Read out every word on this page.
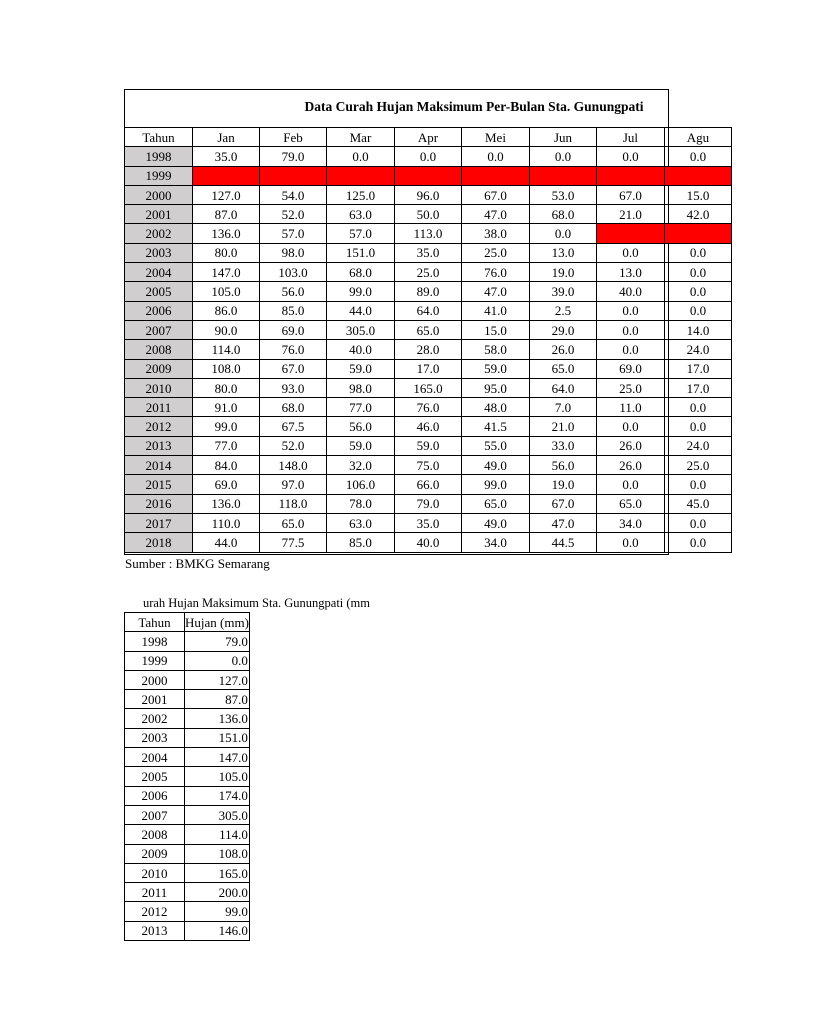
Data Curah Hujan Maksimum Per-Bulan Sta. Gunungpati
Tahun	Jan	Feb	Mar	Apr	Mei	Jun	Jul	Agu
1998	35.0	79.0	0.0	0.0	0.0	0.0	0.0	0.0
1999	-	-	-	-	-	-	-	-
2000	127.0	54.0	125.0	96.0	67.0	53.0	67.0	15.0
2001	87.0	52.0	63.0	50.0	47.0	68.0	21.0	42.0
2002	136.0	57.0	57.0	113.0	38.0	0.0	-	-
2003	80.0	98.0	151.0	35.0	25.0	13.0	0.0	0.0
2004	147.0	103.0	68.0	25.0	76.0	19.0	13.0	0.0
2005	105.0	56.0	99.0	89.0	47.0	39.0	40.0	0.0
2006	86.0	85.0	44.0	64.0	41.0	2.5	0.0	0.0
2007	90.0	69.0	305.0	65.0	15.0	29.0	0.0	14.0
2008	114.0	76.0	40.0	28.0	58.0	26.0	0.0	24.0
2009	108.0	67.0	59.0	17.0	59.0	65.0	69.0	17.0
2010	80.0	93.0	98.0	165.0	95.0	64.0	25.0	17.0
2011	91.0	68.0	77.0	76.0	48.0	7.0	11.0	0.0
2012	99.0	67.5	56.0	46.0	41.5	21.0	0.0	0.0
2013	77.0	52.0	59.0	59.0	55.0	33.0	26.0	24.0
2014	84.0	148.0	32.0	75.0	49.0	56.0	26.0	25.0
2015	69.0	97.0	106.0	66.0	99.0	19.0	0.0	0.0
2016	136.0	118.0	78.0	79.0	65.0	67.0	65.0	45.0
2017	110.0	65.0	63.0	35.0	49.0	47.0	34.0	0.0
2018	44.0	77.5	85.0	40.0	34.0	44.5	0.0	0.0
Sumber : BMKG Semarang
urah Hujan Maksimum Sta. Gunungpati (mm
Tahun	Hujan (mm)
1998	79.0
1999	0.0
2000	127.0
2001	87.0
2002	136.0
2003	151.0
2004	147.0
2005	105.0
2006	174.0
2007	305.0
2008	114.0
2009	108.0
2010	165.0
2011	200.0
2012	99.0
2013	146.0
